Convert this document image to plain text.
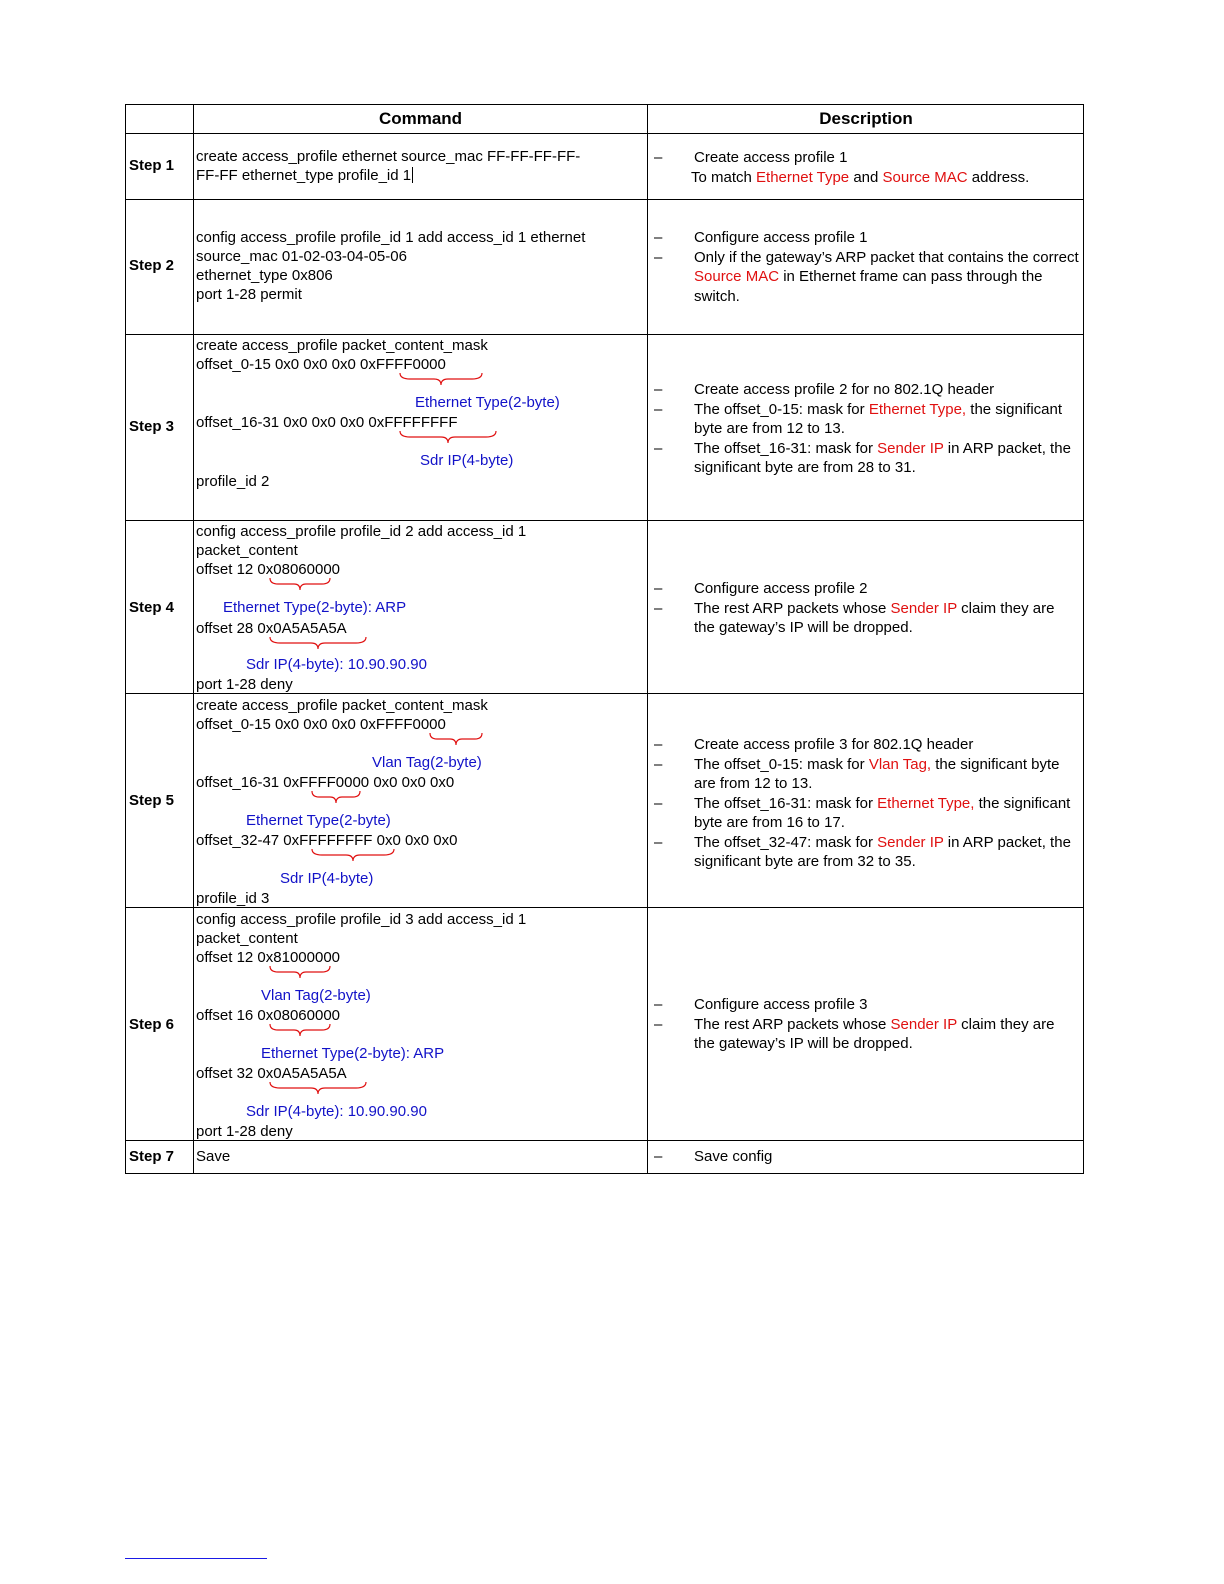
Command	Description
Step 1
create access_profile ethernet source_mac FF-FF-FF-FF-
FF-FF ethernet_type profile_id 1
– Create access profile 1
To match Ethernet Type and Source MAC address.
Step 2
config access_profile profile_id 1 add access_id 1 ethernet
source_mac 01-02-03-04-05-06
ethernet_type 0x806
port 1-28 permit
– Configure access profile 1
– Only if the gateway’s ARP packet that contains the correct Source MAC in Ethernet frame can pass through the switch.
Step 3
create access_profile packet_content_mask
offset_0-15 0x0 0x0 0x0 0xFFFF0000
Ethernet Type(2-byte)
offset_16-31 0x0 0x0 0x0 0xFFFFFFFF
Sdr IP(4-byte)
profile_id 2
– Create access profile 2 for no 802.1Q header
– The offset_0-15: mask for Ethernet Type, the significant byte are from 12 to 13.
– The offset_16-31: mask for Sender IP in ARP packet, the significant byte are from 28 to 31.
Step 4
config access_profile profile_id 2 add access_id 1
packet_content
offset 12 0x08060000
Ethernet Type(2-byte): ARP
offset 28 0x0A5A5A5A
Sdr IP(4-byte): 10.90.90.90
port 1-28 deny
– Configure access profile 2
– The rest ARP packets whose Sender IP claim they are the gateway’s IP will be dropped.
Step 5
create access_profile packet_content_mask
offset_0-15 0x0 0x0 0x0 0xFFFF0000
Vlan Tag(2-byte)
offset_16-31 0xFFFF0000 0x0 0x0 0x0
Ethernet Type(2-byte)
offset_32-47 0xFFFFFFFF 0x0 0x0 0x0
Sdr IP(4-byte)
profile_id 3
– Create access profile 3 for 802.1Q header
– The offset_0-15: mask for Vlan Tag, the significant byte are from 12 to 13.
– The offset_16-31: mask for Ethernet Type, the significant byte are from 16 to 17.
– The offset_32-47: mask for Sender IP in ARP packet, the significant byte are from 32 to 35.
Step 6
config access_profile profile_id 3 add access_id 1
packet_content
offset 12 0x81000000
Vlan Tag(2-byte)
offset 16 0x08060000
Ethernet Type(2-byte): ARP
offset 32 0x0A5A5A5A
Sdr IP(4-byte): 10.90.90.90
port 1-28 deny
– Configure access profile 3
– The rest ARP packets whose Sender IP claim they are the gateway’s IP will be dropped.
Step 7 Save	– Save config
